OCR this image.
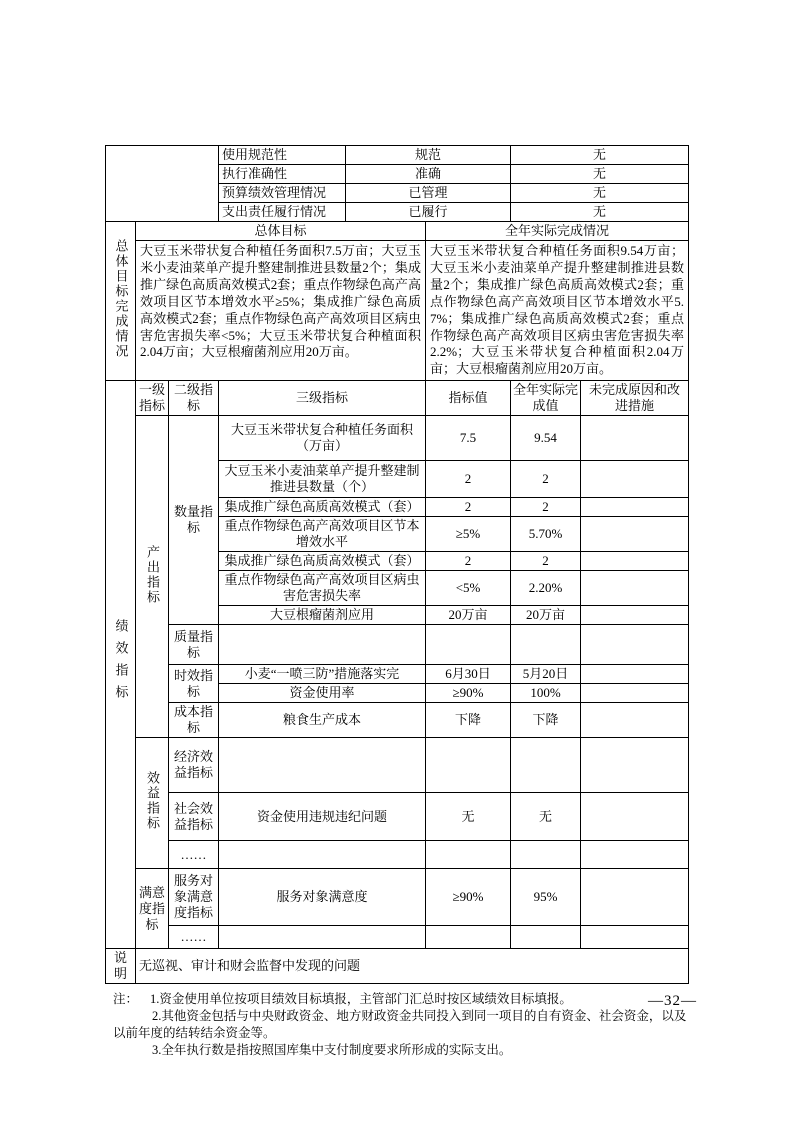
			使用规范性	规范		无	
			执行准确性	准确		无	
			预算绩效管理情况	已管理		无	
			支出责任履行情况	已履行		无	
总体目标完成情况	总体目标				全年实际完成情况		
	大豆玉米带状复合种植任务面积7.5万亩；大豆玉米小麦油菜单产提升整建制推进县数量2个；集成推广绿色高质高效模式2套；重点作物绿色高产高效项目区节本增效水平≥5%；集成推广绿色高质高效模式2套；重点作物绿色高产高效项目区病虫害危害损失率<5%；大豆玉米带状复合种植面积2.04万亩；大豆根瘤菌剂应用20万亩。				大豆玉米带状复合种植任务面积9.54万亩；大豆玉米小麦油菜单产提升整建制推进县数量2个；集成推广绿色高质高效模式2套；重点作物绿色高产高效项目区节本增效水平5.7%；集成推广绿色高质高效模式2套；重点作物绿色高产高效项目区病虫害危害损失率2.2%；大豆玉米带状复合种植面积2.04万亩；大豆根瘤菌剂应用20万亩。		
绩效指标	一级指标	二级指标	三级指标		指标值	全年实际完成值	未完成原因和改进措施
	产出指标	数量指标	大豆玉米带状复合种植任务面积（万亩）		7.5	9.54	
			大豆玉米小麦油菜单产提升整建制推进县数量（个）		2	2	
			集成推广绿色高质高效模式（套）		2	2	
			重点作物绿色高产高效项目区节本增效水平		≥5%	5.70%	
			集成推广绿色高质高效模式（套）		2	2	
			重点作物绿色高产高效项目区病虫害危害损失率		<5%	2.20%	
			大豆根瘤菌剂应用		20万亩	20万亩	
		质量指标					
		时效指标	小麦“一喷三防”措施落实完		6月30日	5月20日	
			资金使用率		≥90%	100%	
		成本指标	粮食生产成本		下降	下降	
	效益指标	经济效益指标					
		社会效益指标	资金使用违规违纪问题		无	无	
		……					
	满意度指标	服务对象满意度指标	服务对象满意度		≥90%	95%	
		……					
说明	无巡视、审计和财会监督中发现的问题						

注： 1.资金使用单位按项目绩效目标填报，主管部门汇总时按区域绩效目标填报。

2.其他资金包括与中央财政资金、地方财政资金共同投入到同一项目的自有资金、社会资金，以及以前年度的结转结余资金等。

3.全年执行数是指按照国库集中支付制度要求所形成的实际支出。

—32—
